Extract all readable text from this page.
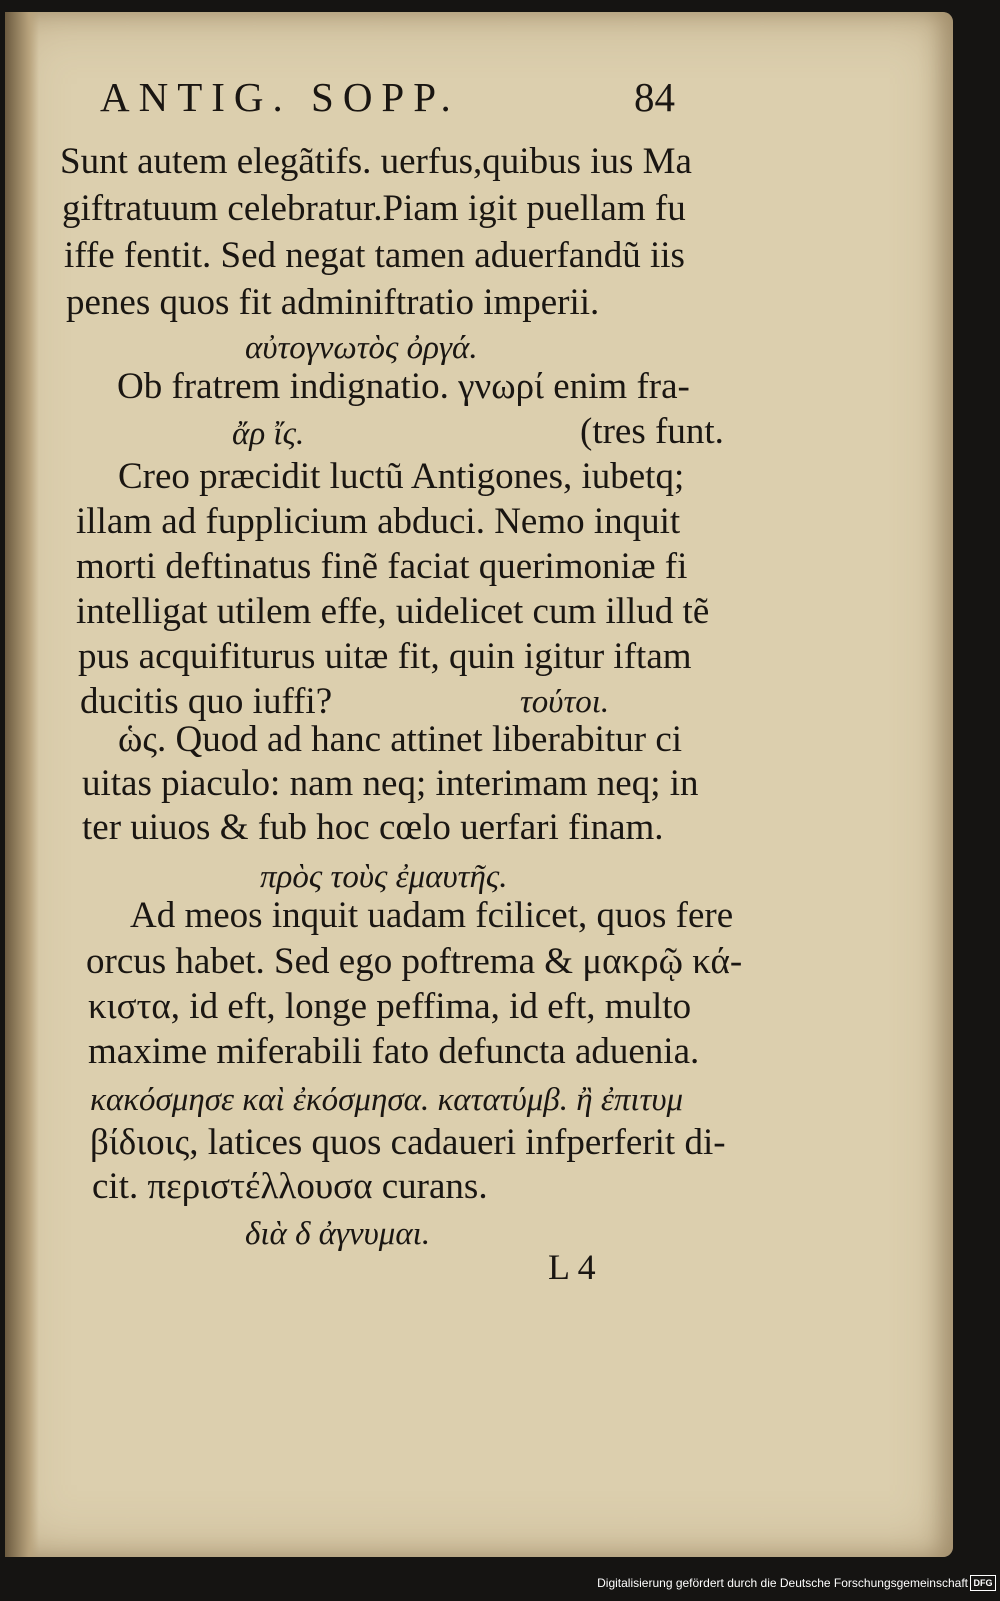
ANTIG. SOPP.	84
Sunt autem elegãtifs. uerfus,quibus ius Ma
giftratuum celebratur.Piam igit puellam fu
iffe fentit. Sed negat tamen aduerfandũ iis
penes quos fit adminiftratio imperii.
αὐτογνωτὸς ὀργά.
Ob fratrem indignatio. γνωρί enim fra-
ἄρ ἴς.	(tres funt.
Creo præcidit luctũ Antigones, iubetq;
illam ad fupplicium abduci. Nemo inquit
morti deftinatus finẽ faciat querimoniæ fi
intelligat utilem effe, uidelicet cum illud tẽ
pus acquifiturus uitæ fit, quin igitur iftam
ducitis quo iuffi?	τούτοι.
ὡς. Quod ad hanc attinet liberabitur ci
uitas piaculo: nam neq; interimam neq; in
ter uiuos & fub hoc cœlo uerfari finam.
πρὸς τοὺς ἐμαυτῆς.
Ad meos inquit uadam fcilicet, quos fere
orcus habet. Sed ego poftrema & μακρῷ κά-
κιστα, id eft, longe peffima, id eft, multo
maxime miferabili fato defuncta aduenia.
κακόσμησε καὶ ἐκόσμησα. κατατύμβ. ἢ ἐπιτυμ
βίδιοις, latices quos cadaueri infperferit di-
cit. περιστέλλουσα curans.
διὰ δ ἀγνυμαι.
L 4
Digitalisierung gefördert durch die Deutsche Forschungsgemeinschaft DFG
